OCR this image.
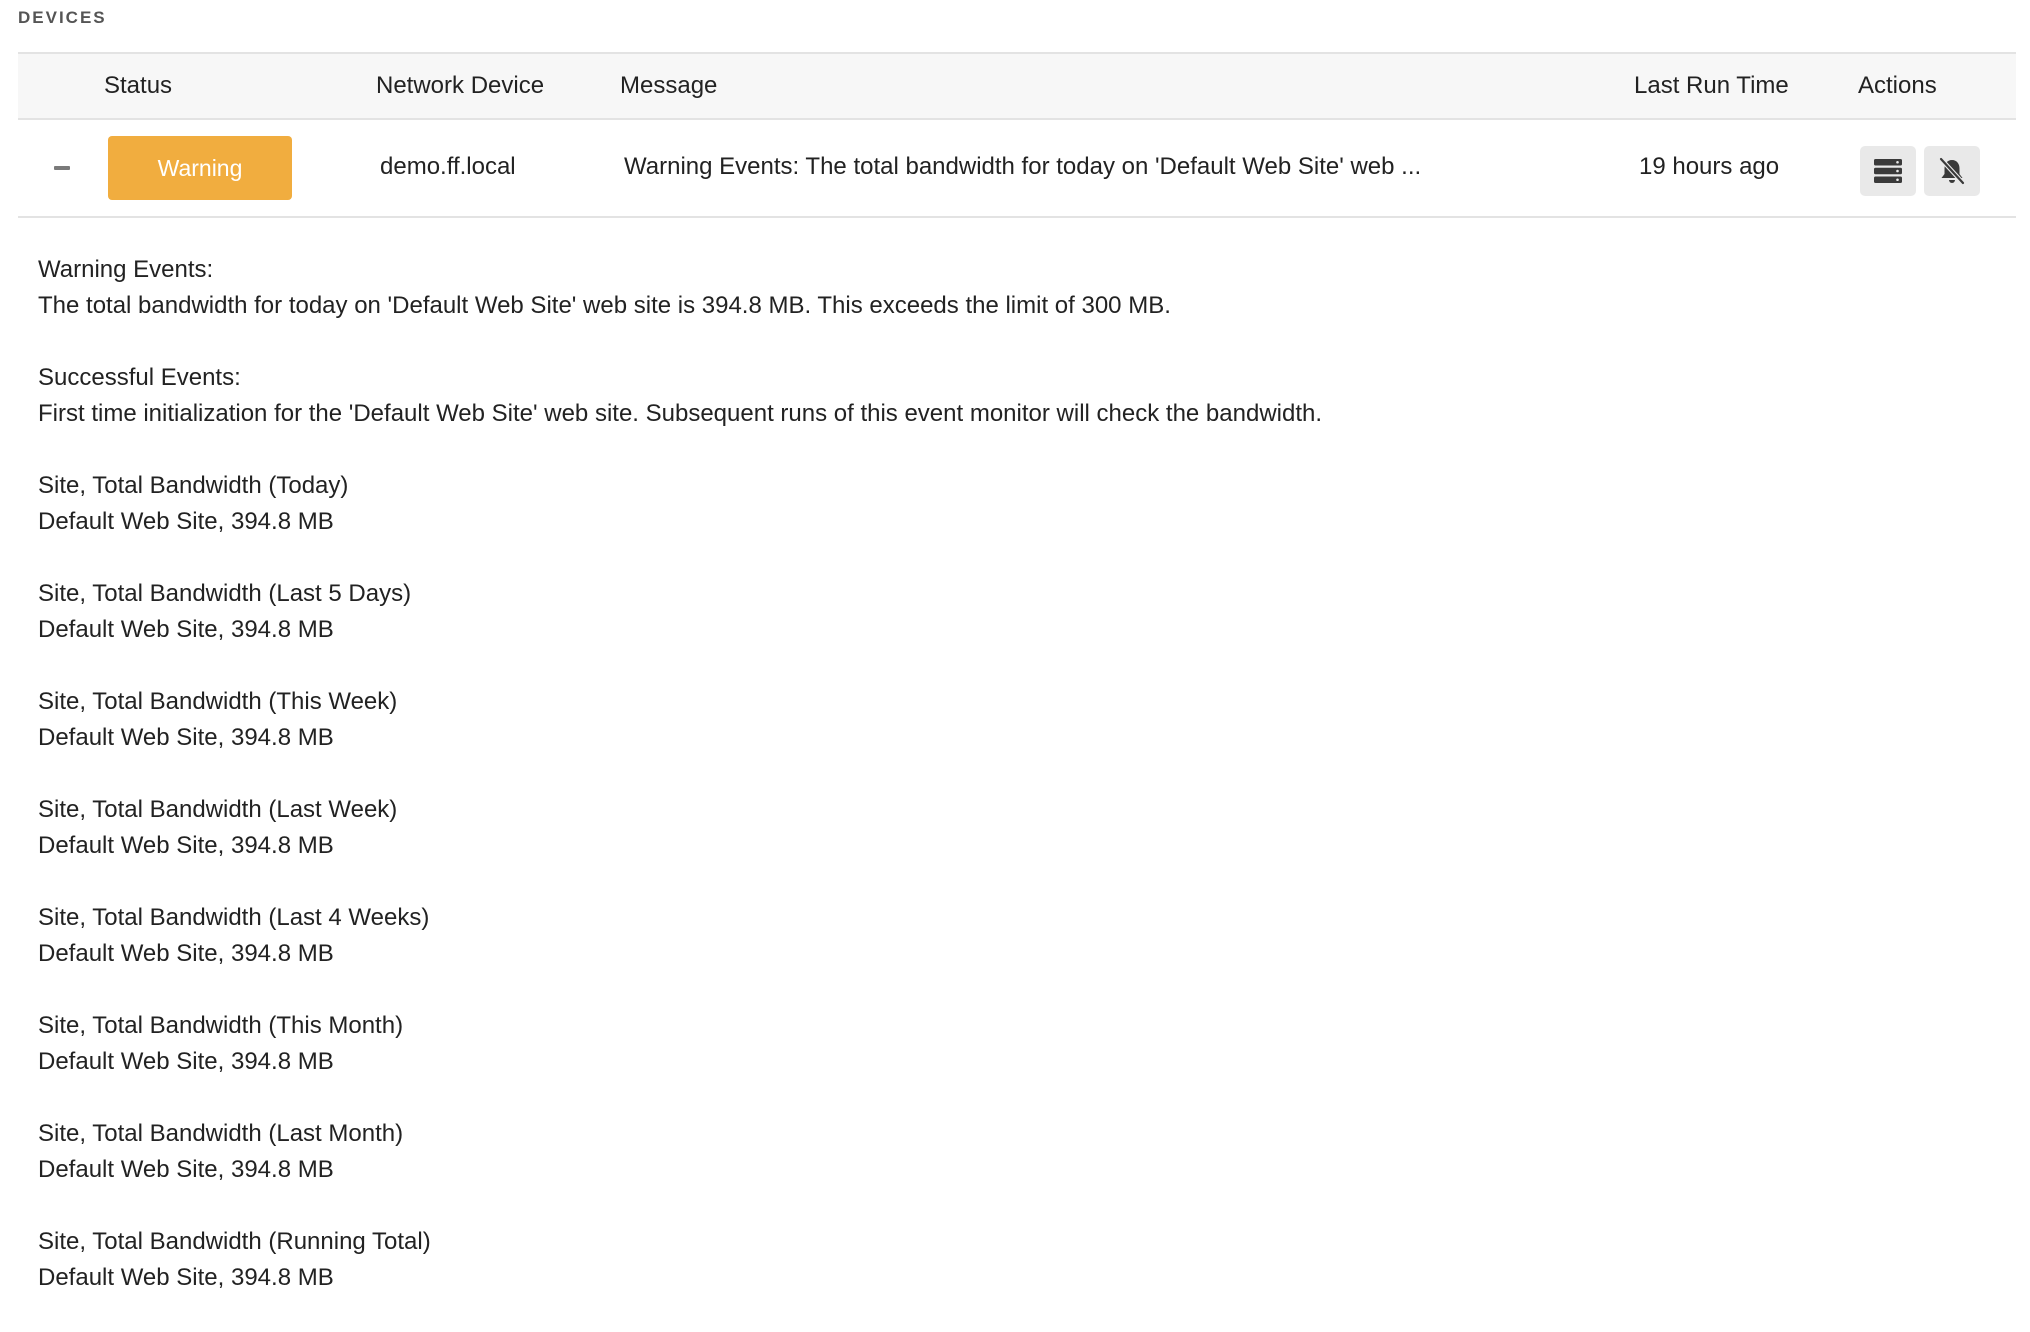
DEVICES
Status	Network Device	Message	Last Run Time	Actions
Warning	demo.ff.local	Warning Events: The total bandwidth for today on 'Default Web Site' web ...	19 hours ago
Warning Events:
The total bandwidth for today on 'Default Web Site' web site is 394.8 MB. This exceeds the limit of 300 MB.
Successful Events:
First time initialization for the 'Default Web Site' web site. Subsequent runs of this event monitor will check the bandwidth.
Site, Total Bandwidth (Today)
Default Web Site, 394.8 MB
Site, Total Bandwidth (Last 5 Days)
Default Web Site, 394.8 MB
Site, Total Bandwidth (This Week)
Default Web Site, 394.8 MB
Site, Total Bandwidth (Last Week)
Default Web Site, 394.8 MB
Site, Total Bandwidth (Last 4 Weeks)
Default Web Site, 394.8 MB
Site, Total Bandwidth (This Month)
Default Web Site, 394.8 MB
Site, Total Bandwidth (Last Month)
Default Web Site, 394.8 MB
Site, Total Bandwidth (Running Total)
Default Web Site, 394.8 MB
